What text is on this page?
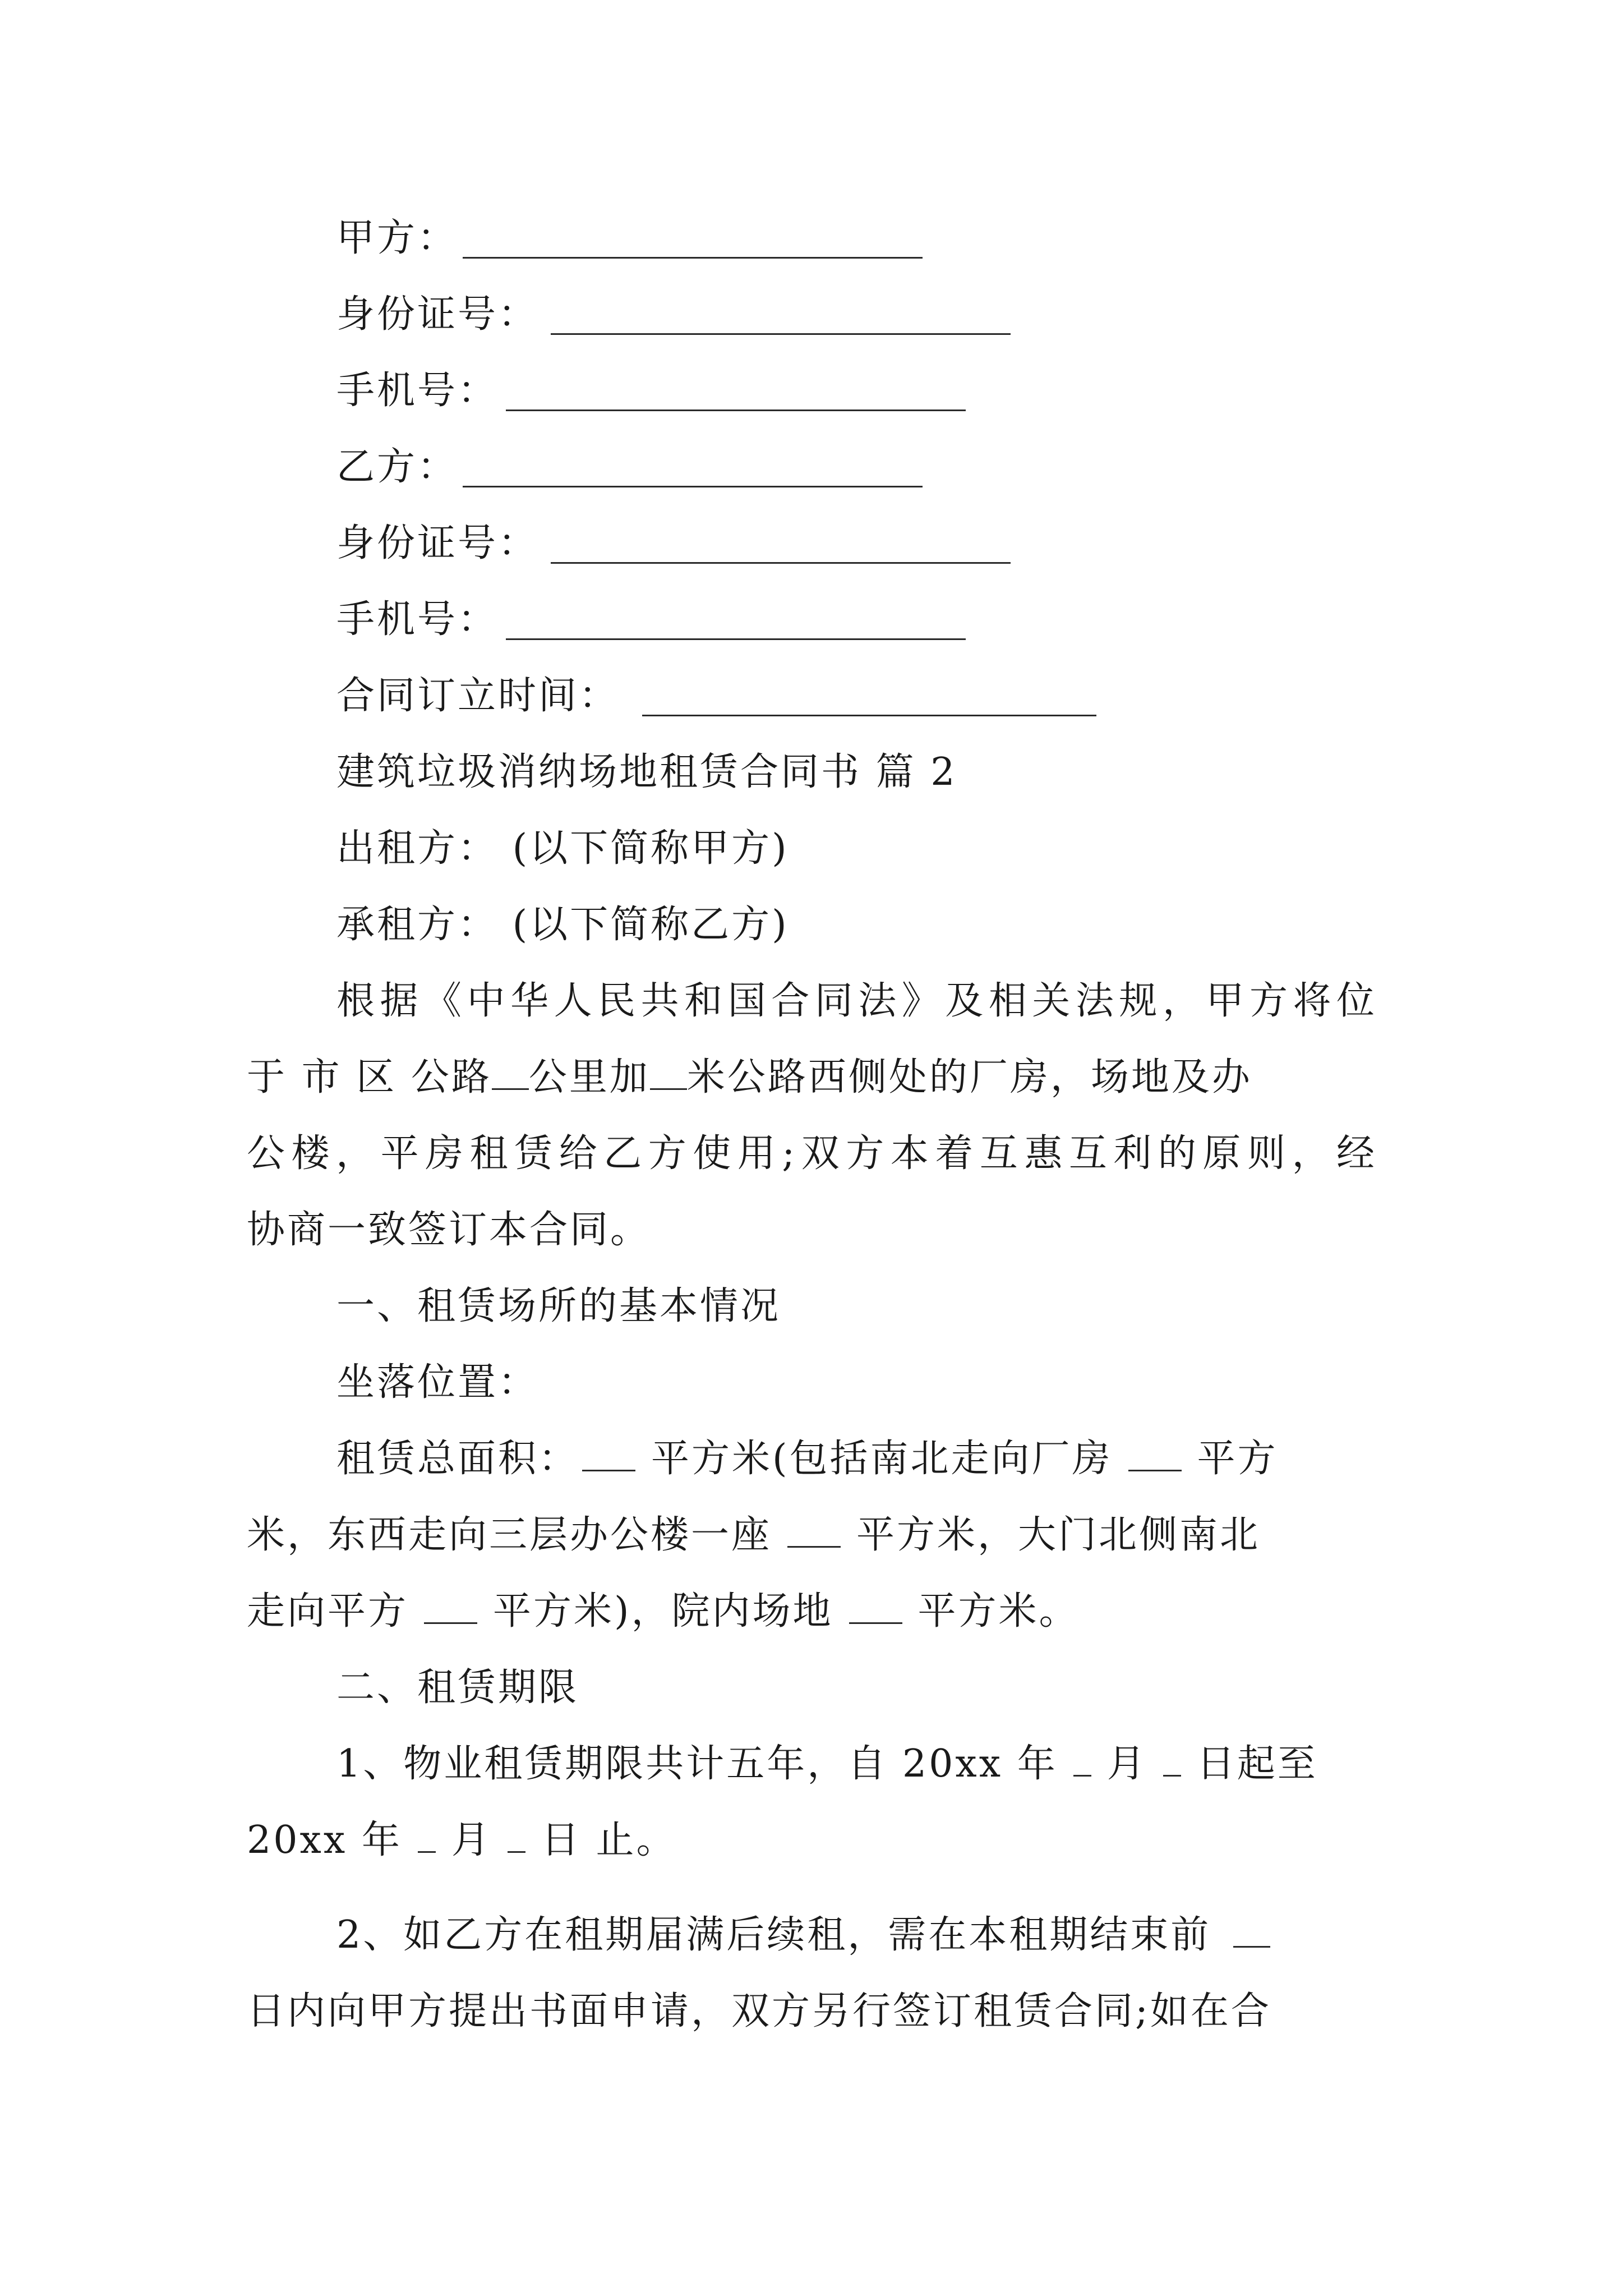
甲方：
身份证号：
手机号：
乙方：
身份证号：
手机号：
合同订立时间：
建筑垃圾消纳场地租赁合同书 篇 2
出租方： (以下简称甲方)
承租方： (以下简称乙方)
根据《中华人民共和国合同法》及相关法规，甲方将位
于 市 区 公路 公里加 米公路西侧处的厂房，场地及办
公楼，平房租赁给乙方使用;双方本着互惠互利的原则，经
协商一致签订本合同。
一、租赁场所的基本情况
坐落位置：
租赁总面积： 平方米(包括南北走向厂房 平方
米，东西走向三层办公楼一座 平方米，大门北侧南北
走向平方 平方米)，院内场地 平方米。
二、租赁期限
1、物业租赁期限共计五年，自 20xx 年 月 日起至
20xx 年 月 日 止。
2、如乙方在租期届满后续租，需在本租期结束前
日内向甲方提出书面申请，双方另行签订租赁合同;如在合
